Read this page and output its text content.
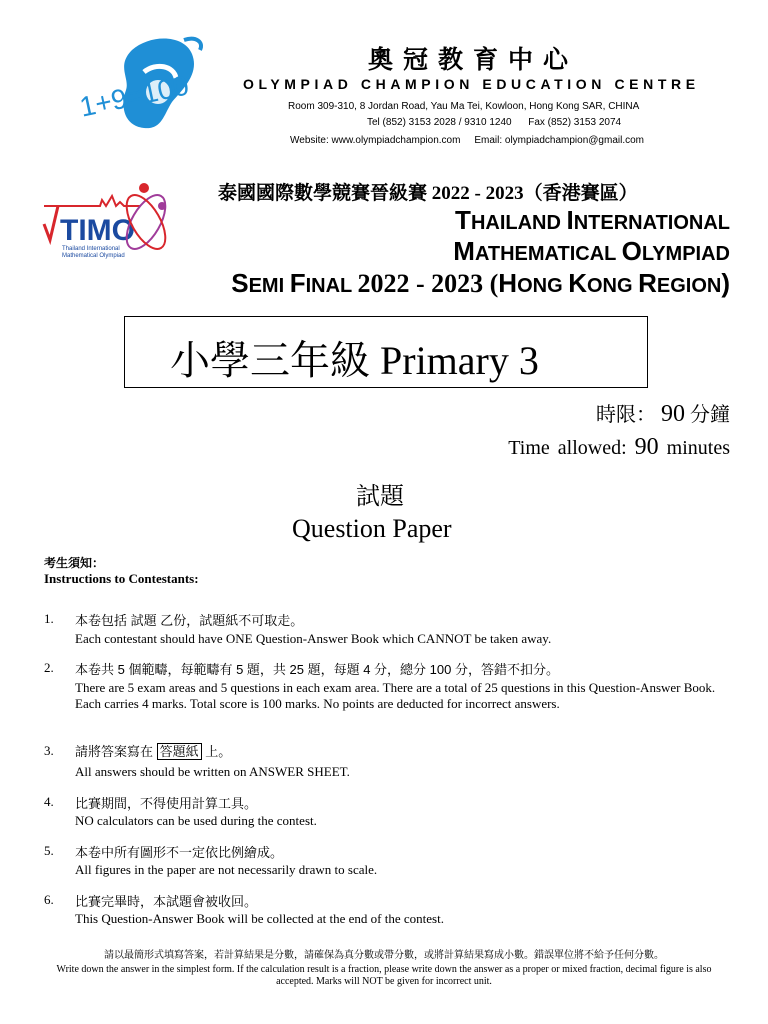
1+9=100
奧冠教育中心
OLYMPIAD CHAMPION EDUCATION CENTRE
Room 309-310, 8 Jordan Road, Yau Ma Tei, Kowloon, Hong Kong SAR, CHINA
Tel (852) 3153 2028 / 9310 1240      Fax (852) 3153 2074
Website: www.olympiadchampion.com     Email: olympiadchampion@gmail.com
TIMO
Thailand International
Mathematical Olympiad
泰國國際數學競賽晉級賽 2022 - 2023（香港賽區）
THAILAND INTERNATIONAL
MATHEMATICAL OLYMPIAD
SEMI FINAL 2022 - 2023 (HONG KONG REGION)
小學三年級 Primary 3
時限： 90 分鐘
Time allowed: 90 minutes
試題
Question Paper
考生須知：
Instructions to Contestants:
1. 本卷包括 試題 乙份，試題紙不可取走。
Each contestant should have ONE Question-Answer Book which CANNOT be taken away.
2. 本卷共 5 個範疇，每範疇有 5 題，共 25 題，每題 4 分，總分 100 分，答錯不扣分。
There are 5 exam areas and 5 questions in each exam area. There are a total of 25 questions in this Question-Answer Book. Each carries 4 marks. Total score is 100 marks. No points are deducted for incorrect answers.
3. 請將答案寫在 答題紙 上。
All answers should be written on ANSWER SHEET.
4. 比賽期間，不得使用計算工具。
NO calculators can be used during the contest.
5. 本卷中所有圖形不一定依比例繪成。
All figures in the paper are not necessarily drawn to scale.
6. 比賽完畢時，本試題會被收回。
This Question-Answer Book will be collected at the end of the contest.
請以最簡形式填寫答案，若計算結果是分數，請確保為真分數或帶分數，或將計算結果寫成小數。錯誤單位將不給予任何分數。
Write down the answer in the simplest form. If the calculation result is a fraction, please write down the answer as a proper or mixed fraction, decimal figure is also accepted. Marks will NOT be given for incorrect unit.
